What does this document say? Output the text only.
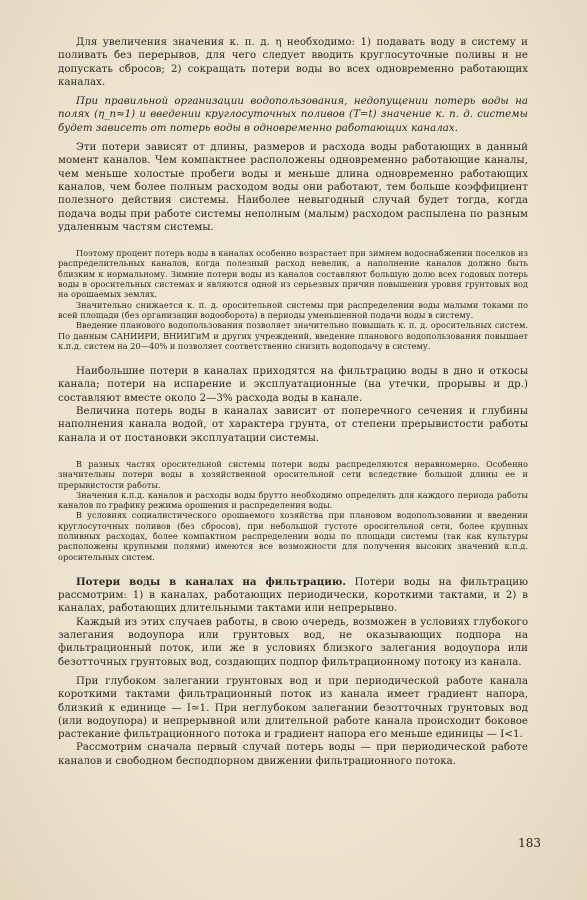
Для увеличения значения к. п. д. η необходимо: 1) подавать воду в систему и поливать без перерывов, для чего следует вводить круглосуточные поливы и не допускать сбросов; 2) сокращать потери воды во всех одновременно работающих каналах.

При правильной организации водопользования, недопущении потерь воды на полях (η_п≈1) и введении круглосуточных поливов (T=t) значение к. п. д. системы будет зависеть от потерь воды в одновременно работающих каналах.

Эти потери зависят от длины, размеров и расхода воды работающих в данный момент каналов. Чем компактнее расположены одновременно работающие каналы, чем меньше холостые пробеги воды и меньше длина одновременно работающих каналов, чем более полным расходом воды они работают, тем больше коэффициент полезного действия системы. Наиболее невыгодный случай будет тогда, когда подача воды при работе системы неполным (малым) расходом распылена по разным удаленным частям системы.

Поэтому процент потерь воды в каналах особенно возрастает при зимнем водоснабжении поселков из распределительных каналов, когда полезный расход невелик, а наполнение каналов должно быть близким к нормальному. Зимние потери воды из каналов составляют большую долю всех годовых потерь воды в оросительных системах и являются одной из серьезных причин повышения уровня грунтовых вод на орошаемых землях.

Значительно снижается к. п. д. оросительной системы при распределении воды малыми токами по всей площади (без организации водооборота) в периоды уменьшенной подачи воды в систему.

Введение планового водопользования позволяет значительно повышать к. п. д. оросительных систем. По данным САНИИРИ, ВНИИГиМ и других учреждений, введение планового водопользования повышает к.п.д. систем на 20—40% и позволяет соответственно снизить водоподачу в систему.

Наибольшие потери в каналах приходятся на фильтрацию воды в дно и откосы канала; потери на испарение и эксплуатационные (на утечки, прорывы и др.) составляют вместе около 2—3% расхода воды в канале.

Величина потерь воды в каналах зависит от поперечного сечения и глубины наполнения канала водой, от характера грунта, от степени прерывистости работы канала и от постановки эксплуатации системы.

В разных частях оросительной системы потери воды распределяются неравномерно. Особенно значительны потери воды в хозяйственной оросительной сети вследствие большой длины ее и прерывистости работы.

Значения к.п.д. каналов и расходы воды брутто необходимо определять для каждого периода работы каналов по графику режима орошения и распределения воды.

В условиях социалистического орошаемого хозяйства при плановом водопользовании и введении круглосуточных поливов (без сбросов), при небольшой густоте оросительной сети, более крупных поливных расходах, более компактном распределении воды по площади системы (так как культуры расположены крупными полями) имеются все возможности для получения высоких значений к.п.д. оросительных систем.

Потери воды в каналах на фильтрацию. Потери воды на фильтрацию рассмотрим: 1) в каналах, работающих периодически, короткими тактами, и 2) в каналах, работающих длительными тактами или непрерывно.

Каждый из этих случаев работы, в свою очередь, возможен в условиях глубокого залегания водоупора или грунтовых вод, не оказывающих подпора на фильтрационный поток, или же в условиях близкого залегания водоупора или безотточных грунтовых вод, создающих подпор фильтрационному потоку из канала.

При глубоком залегании грунтовых вод и при периодической работе канала короткими тактами фильтрационный поток из канала имеет градиент напора, близкий к единице — I≃1. При неглубоком залегании безотточных грунтовых вод (или водоупора) и непрерывной или длительной работе канала происходит боковое растекание фильтрационного потока и градиент напора его меньше единицы — I<1.

Рассмотрим сначала первый случай потерь воды — при периодической работе каналов и свободном бесподпорном движении фильтрационного потока.

183
